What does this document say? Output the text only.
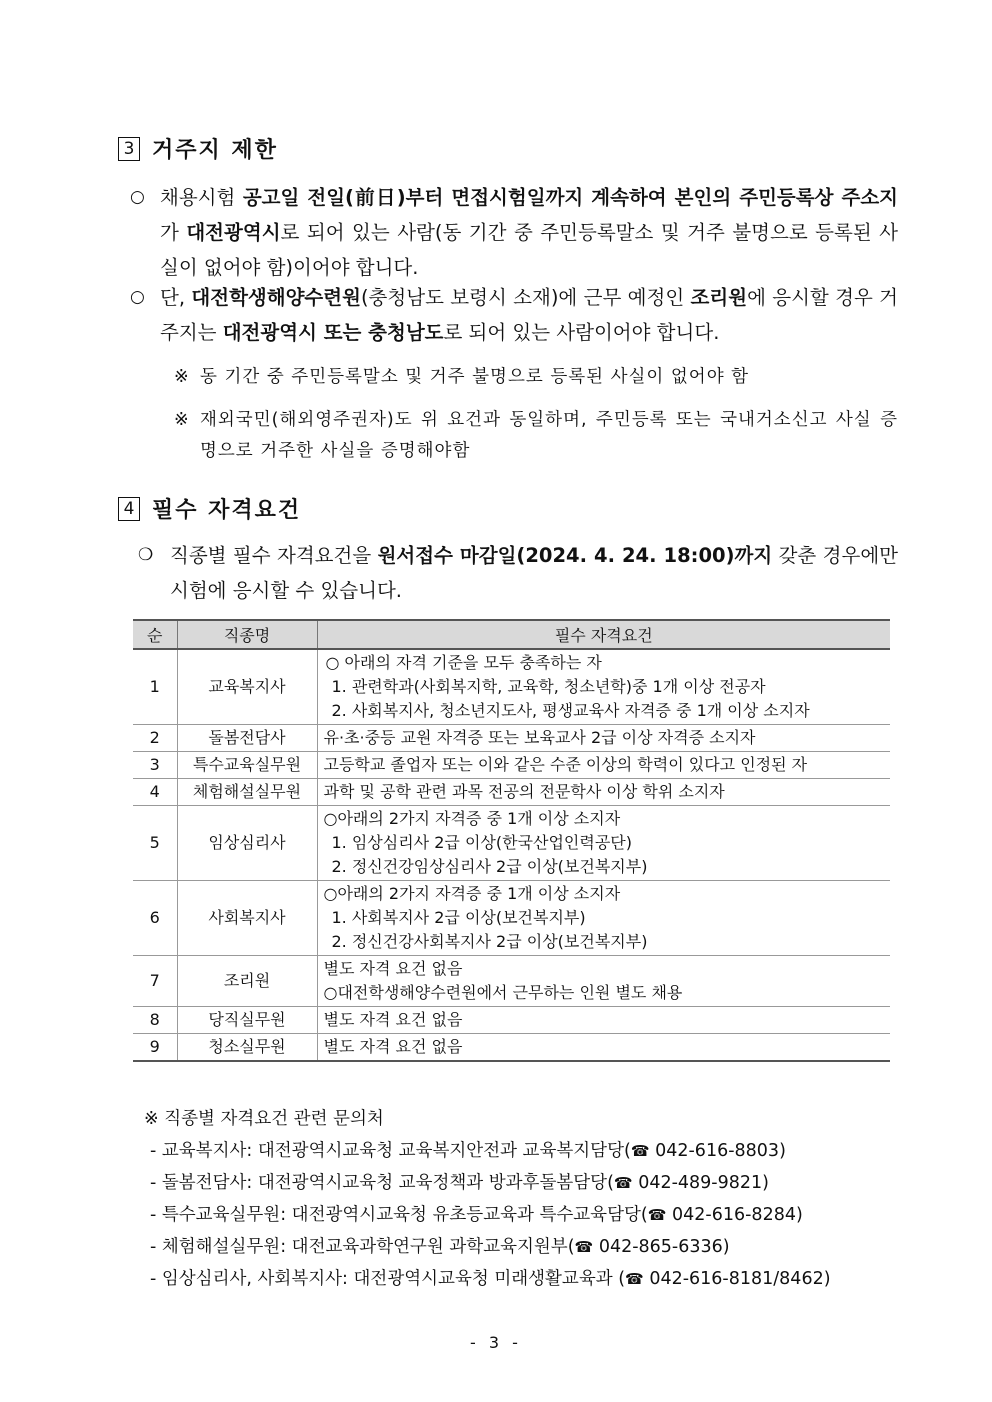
3 거주지 제한
○ 채용시험 공고일 전일(前日)부터 면접시험일까지 계속하여 본인의 주민등록상 주소지가 대전광역시로 되어 있는 사람(동 기간 중 주민등록말소 및 거주 불명으로 등록된 사실이 없어야 함)이어야 합니다.
○ 단, 대전학생해양수련원(충청남도 보령시 소재)에 근무 예정인 조리원에 응시할 경우 거주지는 대전광역시 또는 충청남도로 되어 있는 사람이어야 합니다.
※ 동 기간 중 주민등록말소 및 거주 불명으로 등록된 사실이 없어야 함
※ 재외국민(해외영주권자)도 위 요건과 동일하며, 주민등록 또는 국내거소신고 사실 증명으로 거주한 사실을 증명해야함
4 필수 자격요건
❍ 직종별 필수 자격요건을 원서접수 마감일(2024. 4. 24. 18:00)까지 갖춘 경우에만 시험에 응시할 수 있습니다.
순	직종명	필수 자격요건
1	교육복지사	○ 아래의 자격 기준을 모두 충족하는 자
1. 관련학과(사회복지학, 교육학, 청소년학)중 1개 이상 전공자
2. 사회복지사, 청소년지도사, 평생교육사 자격증 중 1개 이상 소지자

2	돌봄전담사	유·초·중등 교원 자격증 또는 보육교사 2급 이상 자격증 소지자

3	특수교육실무원	고등학교 졸업자 또는 이와 같은 수준 이상의 학력이 있다고 인정된 자

4	체험해설실무원	과학 및 공학 관련 과목 전공의 전문학사 이상 학위 소지자

5	임상심리사	○아래의 2가지 자격증 중 1개 이상 소지자
1. 임상심리사 2급 이상(한국산업인력공단)
2. 정신건강임상심리사 2급 이상(보건복지부)

6	사회복지사	○아래의 2가지 자격증 중 1개 이상 소지자
1. 사회복지사 2급 이상(보건복지부)
2. 정신건강사회복지사 2급 이상(보건복지부)

7	조리원	별도 자격 요건 없음
○대전학생해양수련원에서 근무하는 인원 별도 채용

8	당직실무원	별도 자격 요건 없음

9	청소실무원	별도 자격 요건 없음
※ 직종별 자격요건 관련 문의처
- 교육복지사: 대전광역시교육청 교육복지안전과 교육복지담당(☎ 042-616-8803)
- 돌봄전담사: 대전광역시교육청 교육정책과 방과후돌봄담당(☎ 042-489-9821)
- 특수교육실무원: 대전광역시교육청 유초등교육과 특수교육담당(☎ 042-616-8284)
- 체험해설실무원: 대전교육과학연구원 과학교육지원부(☎ 042-865-6336)
- 임상심리사, 사회복지사: 대전광역시교육청 미래생활교육과 (☎ 042-616-8181/8462)
- 3 -
